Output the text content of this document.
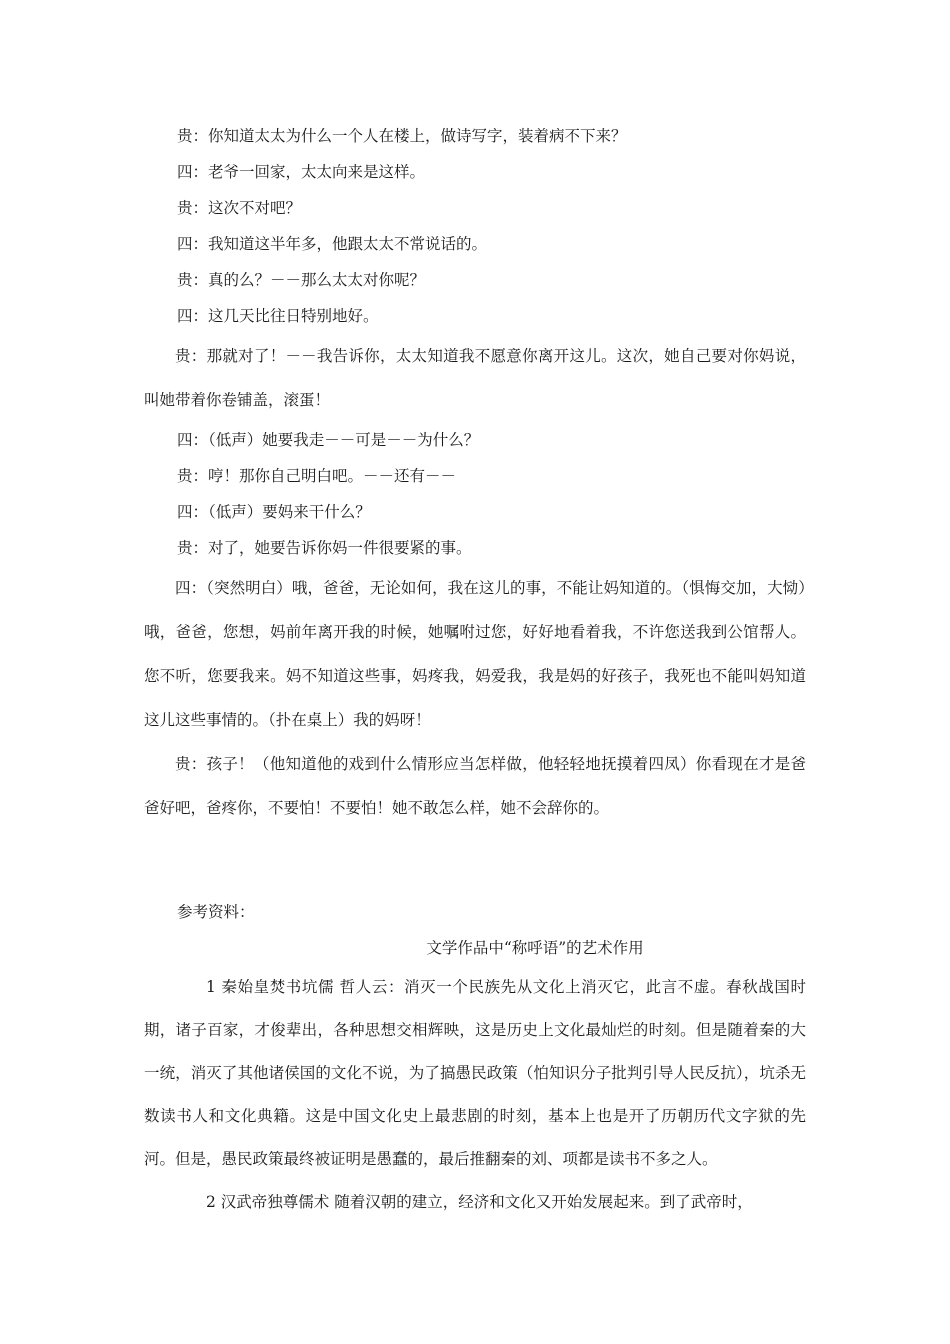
贵：你知道太太为什么一个人在楼上，做诗写字，装着病不下来？

四：老爷一回家，太太向来是这样。

贵：这次不对吧？

四：我知道这半年多，他跟太太不常说话的。

贵：真的么？－－那么太太对你呢？

四：这几天比往日特别地好。

贵：那就对了！－－我告诉你，太太知道我不愿意你离开这儿。这次，她自己要对你妈说，叫她带着你卷铺盖，滚蛋！

四：（低声）她要我走－－可是－－为什么？

贵：哼！那你自己明白吧。－－还有－－

四：（低声）要妈来干什么？

贵：对了，她要告诉你妈一件很要紧的事。

四：（突然明白）哦，爸爸，无论如何，我在这儿的事，不能让妈知道的。（惧悔交加，大恸）哦，爸爸，您想，妈前年离开我的时候，她嘱咐过您，好好地看着我，不许您送我到公馆帮人。您不听，您要我来。妈不知道这些事，妈疼我，妈爱我，我是妈的好孩子，我死也不能叫妈知道这儿这些事情的。（扑在桌上）我的妈呀！

贵：孩子！（他知道他的戏到什么情形应当怎样做，他轻轻地抚摸着四凤）你看现在才是爸爸好吧，爸疼你，不要怕！不要怕！她不敢怎么样，她不会辞你的。

参考资料：

文学作品中“称呼语”的艺术作用

1 秦始皇焚书坑儒 哲人云：消灭一个民族先从文化上消灭它，此言不虚。春秋战国时期，诸子百家，才俊辈出，各种思想交相辉映，这是历史上文化最灿烂的时刻。但是随着秦的大一统，消灭了其他诸侯国的文化不说，为了搞愚民政策（怕知识分子批判引导人民反抗），坑杀无数读书人和文化典籍。这是中国文化史上最悲剧的时刻，基本上也是开了历朝历代文字狱的先河。但是，愚民政策最终被证明是愚蠢的，最后推翻秦的刘、项都是读书不多之人。

2 汉武帝独尊儒术 随着汉朝的建立，经济和文化又开始发展起来。到了武帝时，
